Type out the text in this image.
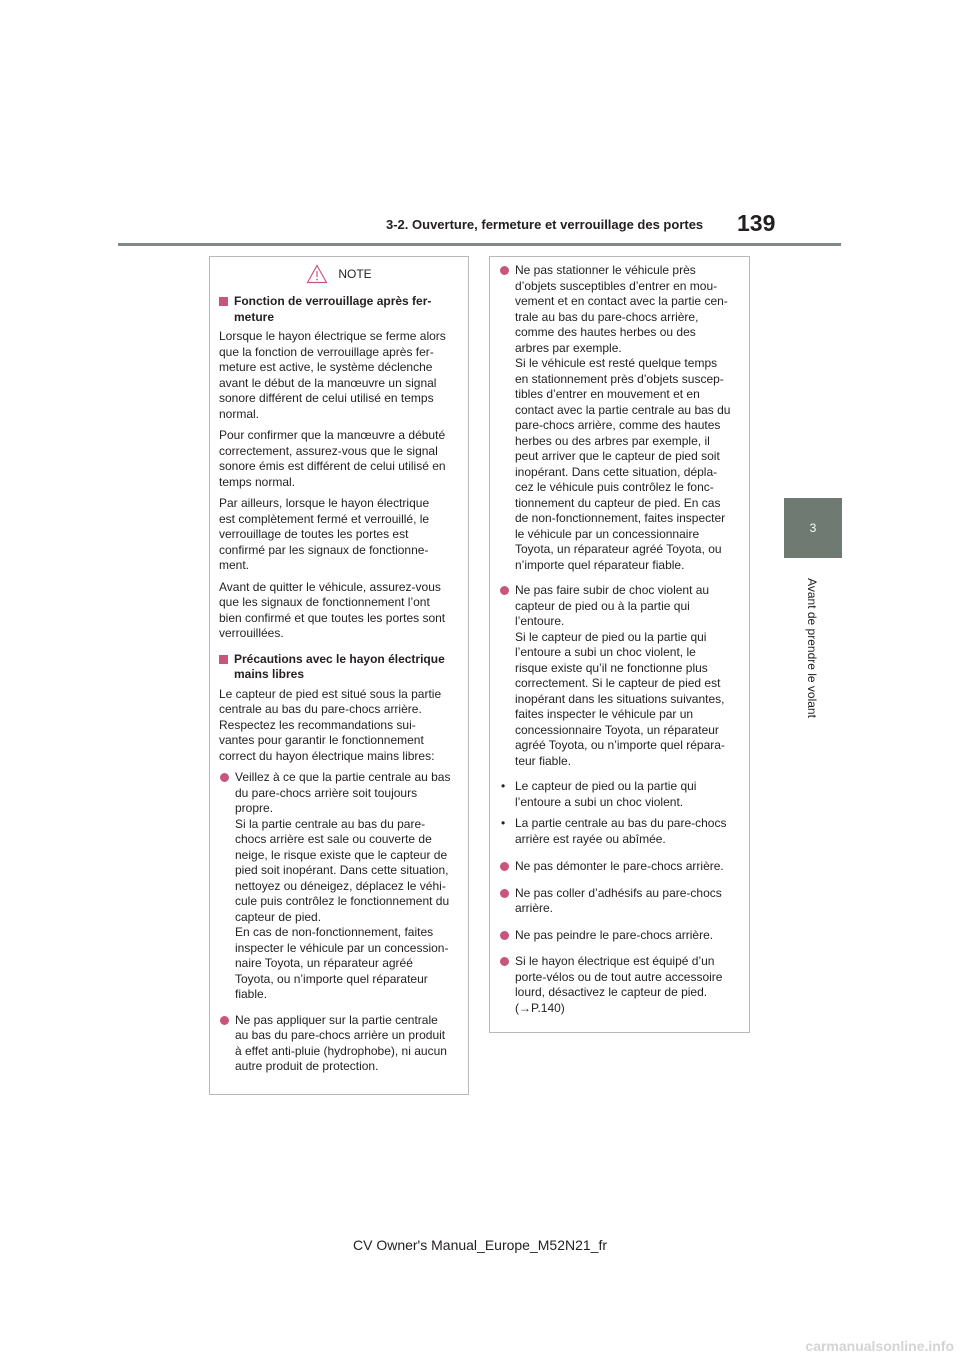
3-2. Ouverture, fermeture et verrouillage des portes 139
3
Avant de prendre le volant
NOTE
Fonction de verrouillage après fer-
meture
Lorsque le hayon électrique se ferme alors
que la fonction de verrouillage après fer-
meture est active, le système déclenche
avant le début de la manœuvre un signal
sonore différent de celui utilisé en temps
normal.
Pour confirmer que la manœuvre a débuté
correctement, assurez-vous que le signal
sonore émis est différent de celui utilisé en
temps normal.
Par ailleurs, lorsque le hayon électrique
est complètement fermé et verrouillé, le
verrouillage de toutes les portes est
confirmé par les signaux de fonctionne-
ment.
Avant de quitter le véhicule, assurez-vous
que les signaux de fonctionnement l’ont
bien confirmé et que toutes les portes sont
verrouillées.
Précautions avec le hayon électrique
mains libres
Le capteur de pied est situé sous la partie
centrale au bas du pare-chocs arrière.
Respectez les recommandations sui-
vantes pour garantir le fonctionnement
correct du hayon électrique mains libres:
Veillez à ce que la partie centrale au bas
du pare-chocs arrière soit toujours
propre.
Si la partie centrale au bas du pare-
chocs arrière est sale ou couverte de
neige, le risque existe que le capteur de
pied soit inopérant. Dans cette situation,
nettoyez ou déneigez, déplacez le véhi-
cule puis contrôlez le fonctionnement du
capteur de pied.
En cas de non-fonctionnement, faites
inspecter le véhicule par un concession-
naire Toyota, un réparateur agréé
Toyota, ou n’importe quel réparateur
fiable.
Ne pas appliquer sur la partie centrale
au bas du pare-chocs arrière un produit
à effet anti-pluie (hydrophobe), ni aucun
autre produit de protection.
Ne pas stationner le véhicule près
d’objets susceptibles d’entrer en mou-
vement et en contact avec la partie cen-
trale au bas du pare-chocs arrière,
comme des hautes herbes ou des
arbres par exemple.
Si le véhicule est resté quelque temps
en stationnement près d’objets suscep-
tibles d’entrer en mouvement et en
contact avec la partie centrale au bas du
pare-chocs arrière, comme des hautes
herbes ou des arbres par exemple, il
peut arriver que le capteur de pied soit
inopérant. Dans cette situation, dépla-
cez le véhicule puis contrôlez le fonc-
tionnement du capteur de pied. En cas
de non-fonctionnement, faites inspecter
le véhicule par un concessionnaire
Toyota, un réparateur agréé Toyota, ou
n’importe quel réparateur fiable.
Ne pas faire subir de choc violent au
capteur de pied ou à la partie qui
l’entoure.
Si le capteur de pied ou la partie qui
l’entoure a subi un choc violent, le
risque existe qu’il ne fonctionne plus
correctement. Si le capteur de pied est
inopérant dans les situations suivantes,
faites inspecter le véhicule par un
concessionnaire Toyota, un réparateur
agréé Toyota, ou n’importe quel répara-
teur fiable.
• Le capteur de pied ou la partie qui
l’entoure a subi un choc violent.
• La partie centrale au bas du pare-chocs
arrière est rayée ou abîmée.
Ne pas démonter le pare-chocs arrière.
Ne pas coller d’adhésifs au pare-chocs
arrière.
Ne pas peindre le pare-chocs arrière.
Si le hayon électrique est équipé d’un
porte-vélos ou de tout autre accessoire
lourd, désactivez le capteur de pied.
(→P.140)
CV Owner's Manual_Europe_M52N21_fr
carmanualsonline.info
